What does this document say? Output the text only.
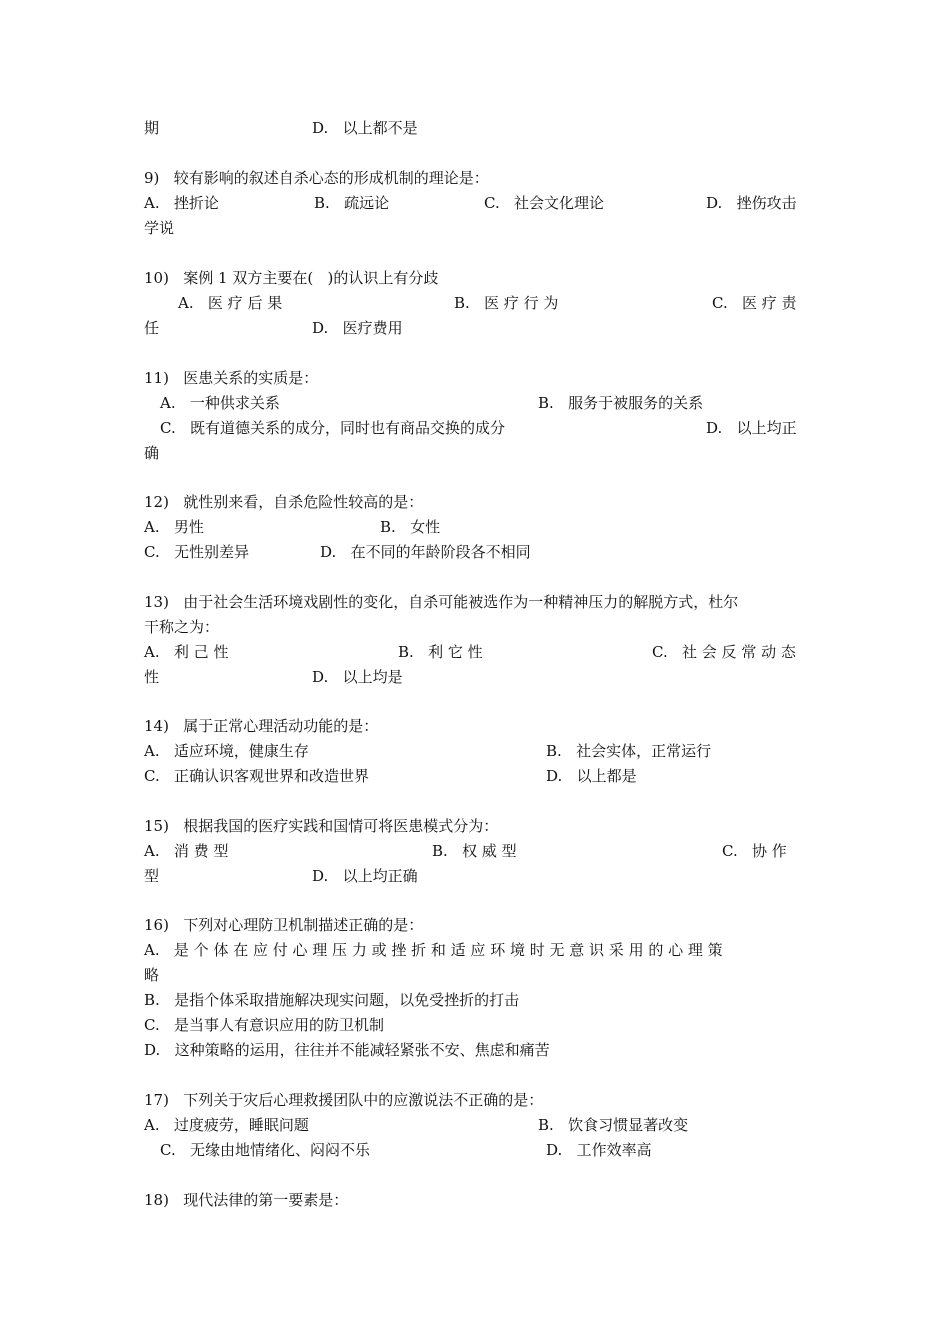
期	D.   以上都不是
9)   较有影响的叙述自杀心态的形成机制的理论是：
A.   挫折论	B.   疏远论	C.   社会文化理论	D.   挫伤攻击
学说
10)   案例 1 双方主要在(   )的认识上有分歧
A.   医 疗 后 果	B.   医 疗 行 为	C.   医 疗 责
任	D.   医疗费用
11)   医患关系的实质是：
A.   一种供求关系	B.   服务于被服务的关系
C.   既有道德关系的成分，同时也有商品交换的成分	D.   以上均正
确
12)   就性别来看，自杀危险性较高的是：
A.   男性	B.   女性
C.   无性别差异	D.   在不同的年龄阶段各不相同
13)   由于社会生活环境戏剧性的变化，自杀可能被选作为一种精神压力的解脱方式，杜尔
干称之为：
A.   利 己 性	B.   利 它 性	C.   社 会 反 常 动 态
性	D.   以上均是
14)   属于正常心理活动功能的是：
A.   适应环境，健康生存	B.   社会实体，正常运行
C.   正确认识客观世界和改造世界	D.   以上都是
15)   根据我国的医疗实践和国情可将医患模式分为：
A.   消 费 型	B.   权 威 型	C.   协 作
型	D.   以上均正确
16)   下列对心理防卫机制描述正确的是：
A.   是 个 体 在 应 付 心 理 压 力 或 挫 折 和 适 应 环 境 时 无 意 识 采 用 的 心 理 策
略
B.   是指个体采取措施解决现实问题，以免受挫折的打击
C.   是当事人有意识应用的防卫机制
D.   这种策略的运用，往往并不能减轻紧张不安、焦虑和痛苦
17)   下列关于灾后心理救援团队中的应激说法不正确的是：
A.   过度疲劳，睡眠问题	B.   饮食习惯显著改变
C.   无缘由地情绪化、闷闷不乐	D.   工作效率高
18)   现代法律的第一要素是：
